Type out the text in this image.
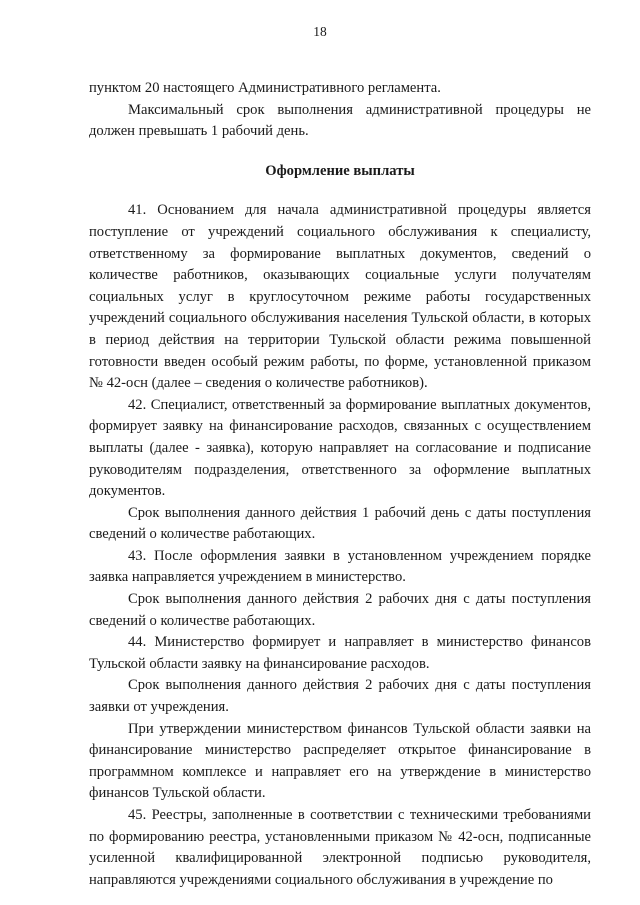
18

пунктом 20 настоящего Административного регламента.

Максимальный срок выполнения административной процедуры не должен превышать 1 рабочий день.

Оформление выплаты

41. Основанием для начала административной процедуры является поступление от учреждений социального обслуживания к специалисту, ответственному за формирование выплатных документов, сведений о количестве работников, оказывающих социальные услуги получателям социальных услуг в круглосуточном режиме работы государственных учреждений социального обслуживания населения Тульской области, в которых в период действия на территории Тульской области режима повышенной готовности введен особый режим работы, по форме, установленной приказом № 42-осн (далее – сведения о количестве работников).

42. Специалист, ответственный за формирование выплатных документов, формирует заявку на финансирование расходов, связанных с осуществлением выплаты (далее - заявка), которую направляет на согласование и подписание руководителям подразделения, ответственного за оформление выплатных документов.

Срок выполнения данного действия 1 рабочий день с даты поступления сведений о количестве работающих.

43. После оформления заявки в установленном учреждением порядке заявка направляется учреждением в министерство.

Срок выполнения данного действия 2 рабочих дня с даты поступления сведений о количестве работающих.

44. Министерство формирует и направляет в министерство финансов Тульской области заявку на финансирование расходов.

Срок выполнения данного действия 2 рабочих дня с даты поступления заявки от учреждения.

При утверждении министерством финансов Тульской области заявки на финансирование министерство распределяет открытое финансирование в программном комплексе и направляет его на утверждение в министерство финансов Тульской области.

45. Реестры, заполненные в соответствии с техническими требованиями по формированию реестра, установленными приказом № 42-осн, подписанные усиленной квалифицированной электронной подписью руководителя, направляются учреждениями социального обслуживания в учреждение по
